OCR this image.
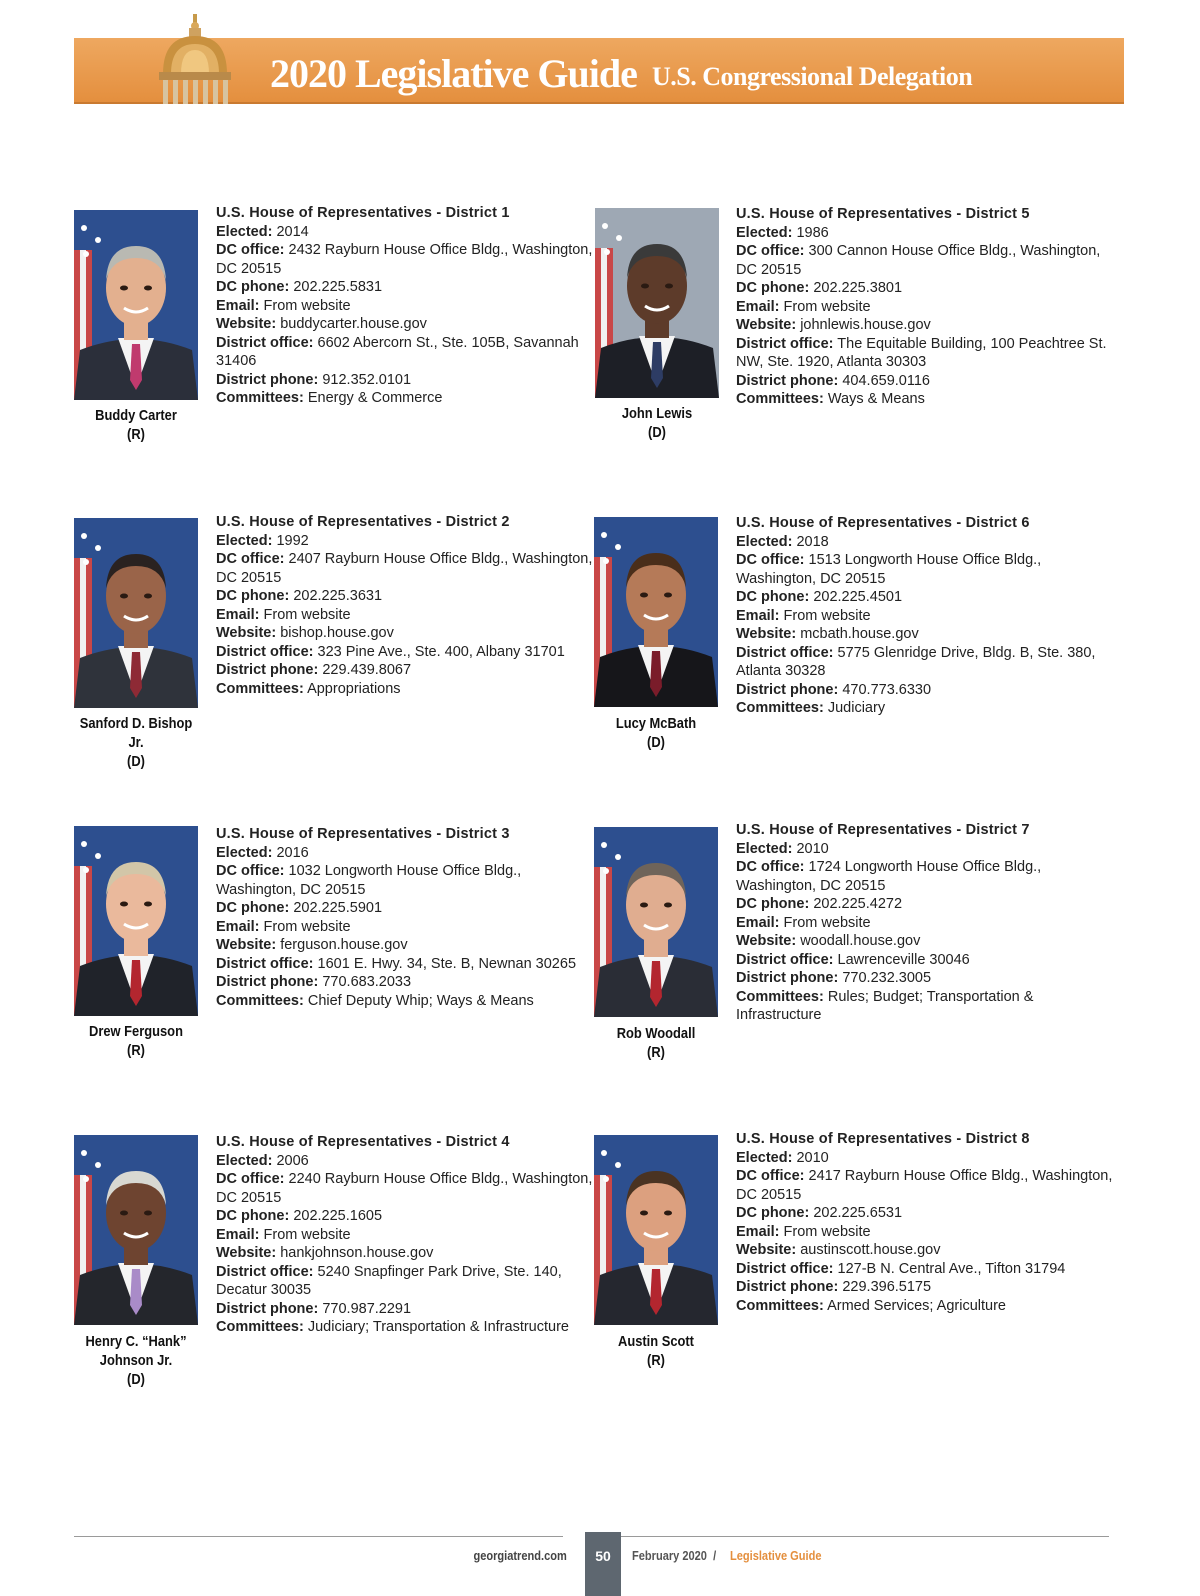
2020 Legislative Guide U.S. Congressional Delegation
Buddy Carter
(R)
U.S. House of Representatives - District 1
Elected: 2014
DC office: 2432 Rayburn House Office Bldg., Washington, DC 20515
DC phone: 202.225.5831
Email: From website
Website: buddycarter.house.gov
District office: 6602 Abercorn St., Ste. 105B, Savannah 31406
District phone: 912.352.0101
Committees: Energy & Commerce
Sanford D. Bishop Jr.
(D)
U.S. House of Representatives - District 2
Elected: 1992
DC office: 2407 Rayburn House Office Bldg., Washington, DC 20515
DC phone: 202.225.3631
Email: From website
Website: bishop.house.gov
District office: 323 Pine Ave., Ste. 400, Albany 31701
District phone: 229.439.8067
Committees: Appropriations
Drew Ferguson
(R)
U.S. House of Representatives - District 3
Elected: 2016
DC office: 1032 Longworth House Office Bldg., Washington, DC 20515
DC phone: 202.225.5901
Email: From website
Website: ferguson.house.gov
District office: 1601 E. Hwy. 34, Ste. B, Newnan 30265
District phone: 770.683.2033
Committees: Chief Deputy Whip; Ways & Means
Henry C. “Hank” Johnson Jr.
(D)
U.S. House of Representatives - District 4
Elected: 2006
DC office: 2240 Rayburn House Office Bldg., Washington, DC 20515
DC phone: 202.225.1605
Email: From website
Website: hankjohnson.house.gov
District office: 5240 Snapfinger Park Drive, Ste. 140, Decatur 30035
District phone: 770.987.2291
Committees: Judiciary; Transportation & Infrastructure
John Lewis
(D)
U.S. House of Representatives - District 5
Elected: 1986
DC office: 300 Cannon House Office Bldg., Washington, DC 20515
DC phone: 202.225.3801
Email: From website
Website: johnlewis.house.gov
District office: The Equitable Building, 100 Peachtree St. NW, Ste. 1920, Atlanta 30303
District phone: 404.659.0116
Committees: Ways & Means
Lucy McBath
(D)
U.S. House of Representatives - District 6
Elected: 2018
DC office: 1513 Longworth House Office Bldg., Washington, DC 20515
DC phone: 202.225.4501
Email: From website
Website: mcbath.house.gov
District office: 5775 Glenridge Drive, Bldg. B, Ste. 380, Atlanta 30328
District phone: 470.773.6330
Committees: Judiciary
Rob Woodall
(R)
U.S. House of Representatives - District 7
Elected: 2010
DC office: 1724 Longworth House Office Bldg., Washington, DC 20515
DC phone: 202.225.4272
Email: From website
Website: woodall.house.gov
District office: Lawrenceville 30046
District phone: 770.232.3005
Committees: Rules; Budget; Transportation & Infrastructure
Austin Scott
(R)
U.S. House of Representatives - District 8
Elected: 2010
DC office: 2417 Rayburn House Office Bldg., Washington, DC 20515
DC phone: 202.225.6531
Email: From website
Website: austinscott.house.gov
District office: 127-B N. Central Ave., Tifton 31794
District phone: 229.396.5175
Committees: Armed Services; Agriculture
georgiatrend.com	50	February 2020 / Legislative Guide
